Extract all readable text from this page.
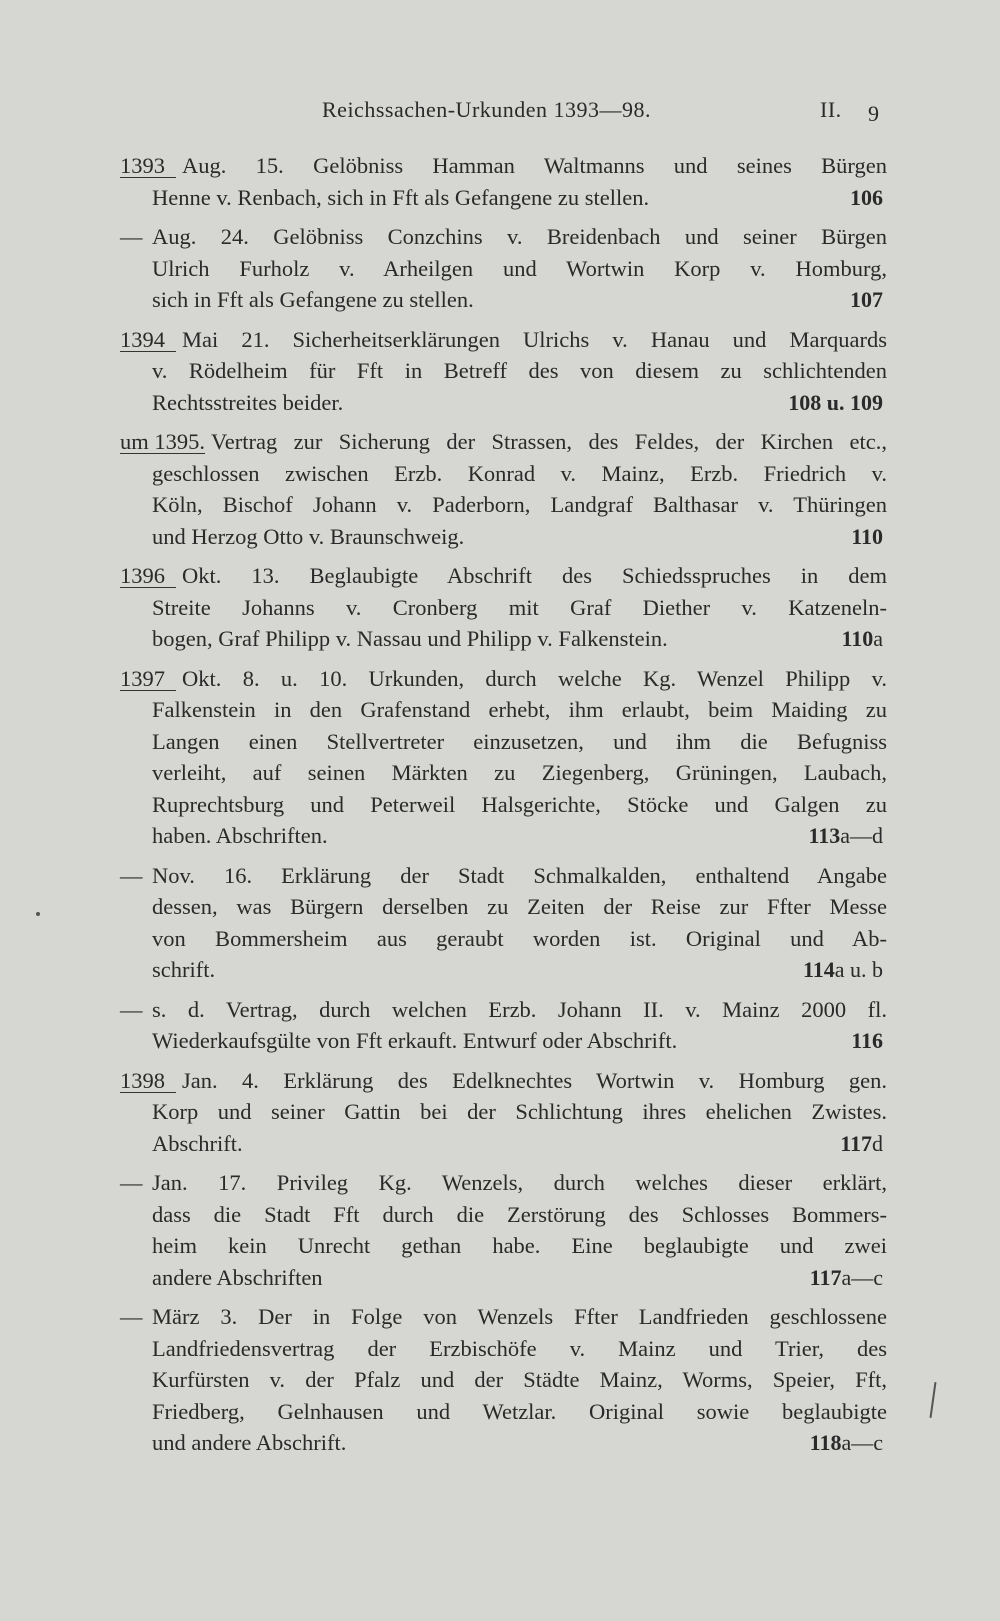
Reichssachen-Urkunden 1393—98.	II. 9
1393 Aug. 15. Gelöbniss Hamman Waltmanns und seines Bürgen
Henne v. Renbach, sich in Fft als Gefangene zu stellen.	106
— Aug. 24. Gelöbniss Conzchins v. Breidenbach und seiner Bürgen
Ulrich Furholz v. Arheilgen und Wortwin Korp v. Homburg,
sich in Fft als Gefangene zu stellen.	107
1394 Mai 21. Sicherheitserklärungen Ulrichs v. Hanau und Marquards
v. Rödelheim für Fft in Betreff des von diesem zu schlichtenden
Rechtsstreites beider.	108 u. 109
um 1395. Vertrag zur Sicherung der Strassen, des Feldes, der Kirchen etc.,
geschlossen zwischen Erzb. Konrad v. Mainz, Erzb. Friedrich v.
Köln, Bischof Johann v. Paderborn, Landgraf Balthasar v. Thüringen
und Herzog Otto v. Braunschweig.	110
1396 Okt. 13. Beglaubigte Abschrift des Schiedsspruches in dem
Streite Johanns v. Cronberg mit Graf Diether v. Katzeneln-
bogen, Graf Philipp v. Nassau und Philipp v. Falkenstein.	110a
1397 Okt. 8. u. 10. Urkunden, durch welche Kg. Wenzel Philipp v.
Falkenstein in den Grafenstand erhebt, ihm erlaubt, beim Maiding zu
Langen einen Stellvertreter einzusetzen, und ihm die Befugniss
verleiht, auf seinen Märkten zu Ziegenberg, Grüningen, Laubach,
Ruprechtsburg und Peterweil Halsgerichte, Stöcke und Galgen zu
haben. Abschriften.	113a—d
— Nov. 16. Erklärung der Stadt Schmalkalden, enthaltend Angabe
dessen, was Bürgern derselben zu Zeiten der Reise zur Ffter Messe
von Bommersheim aus geraubt worden ist. Original und Ab-
schrift.	114a u. b
— s. d. Vertrag, durch welchen Erzb. Johann II. v. Mainz 2000 fl.
Wiederkaufsgülte von Fft erkauft. Entwurf oder Abschrift.	116
1398 Jan. 4. Erklärung des Edelknechtes Wortwin v. Homburg gen.
Korp und seiner Gattin bei der Schlichtung ihres ehelichen Zwistes.
Abschrift.	117d
— Jan. 17. Privileg Kg. Wenzels, durch welches dieser erklärt,
dass die Stadt Fft durch die Zerstörung des Schlosses Bommers-
heim kein Unrecht gethan habe. Eine beglaubigte und zwei
andere Abschriften	117a—c
— März 3. Der in Folge von Wenzels Ffter Landfrieden geschlossene
Landfriedensvertrag der Erzbischöfe v. Mainz und Trier, des
Kurfürsten v. der Pfalz und der Städte Mainz, Worms, Speier, Fft,
Friedberg, Gelnhausen und Wetzlar. Original sowie beglaubigte
und andere Abschrift.	118a—c
